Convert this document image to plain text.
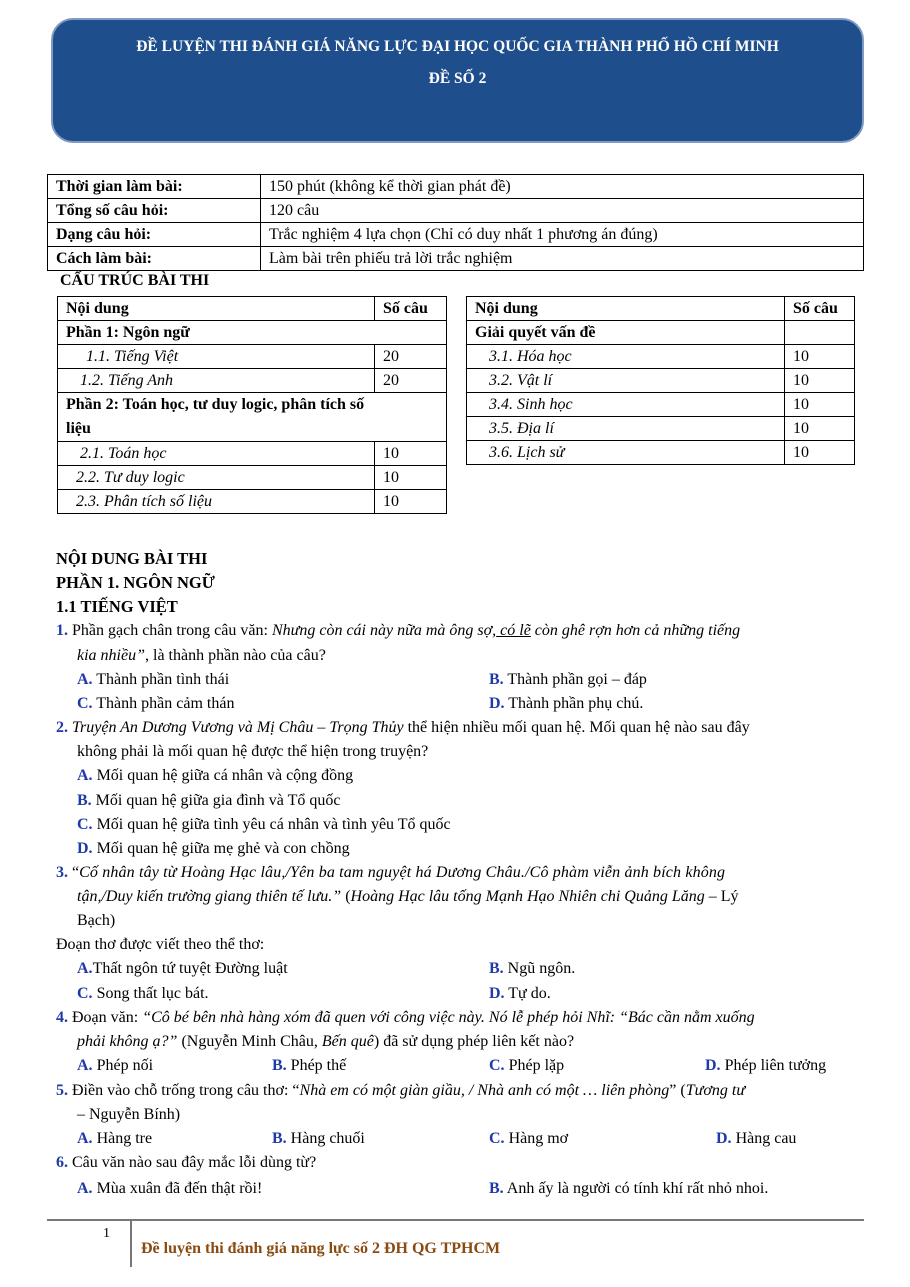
ĐỀ LUYỆN THI ĐÁNH GIÁ NĂNG LỰC ĐẠI HỌC QUỐC GIA THÀNH PHỐ HỒ CHÍ MINH
ĐỀ SỐ 2
Thời gian làm bài:	150 phút (không kể thời gian phát đề)
Tổng số câu hỏi:	120 câu
Dạng câu hỏi:	Trắc nghiệm 4 lựa chọn (Chỉ có duy nhất 1 phương án đúng)
Cách làm bài:	Làm bài trên phiếu trả lời trắc nghiệm
CẤU TRÚC BÀI THI
Nội dung	Số câu
Phần 1: Ngôn ngữ	
1.1. Tiếng Việt	20
1.2. Tiếng Anh	20
Phần 2: Toán học, tư duy logic, phân tích số
liệu	
2.1. Toán học	10
2.2. Tư duy logic	10
2.3. Phân tích số liệu	10
Nội dung	Số câu
Giải quyết vấn đề	
3.1. Hóa học	10
3.2. Vật lí	10
3.4. Sinh học	10
3.5. Địa lí	10
3.6. Lịch sử	10
NỘI DUNG BÀI THI
PHẦN 1. NGÔN NGỮ
1.1 TIẾNG VIỆT
1. Phần gạch chân trong câu văn: Nhưng còn cái này nữa mà ông sợ, có lẽ còn ghê rợn hơn cả những tiếng
kia nhiều”, là thành phần nào của câu?
A. Thành phần tình thái	B. Thành phần gọi – đáp
C. Thành phần cảm thán	D. Thành phần phụ chú.
2. Truyện An Dương Vương và Mị Châu – Trọng Thủy thể hiện nhiều mối quan hệ. Mối quan hệ nào sau đây
không phải là mối quan hệ được thể hiện trong truyện?
A. Mối quan hệ giữa cá nhân và cộng đồng
B. Mối quan hệ giữa gia đình và Tổ quốc
C. Mối quan hệ giữa tình yêu cá nhân và tình yêu Tổ quốc
D. Mối quan hệ giữa mẹ ghẻ và con chồng
3. “Cố nhân tây từ Hoàng Hạc lâu,/Yên ba tam nguyệt há Dương Châu./Cô phàm viễn ảnh bích không
tận,/Duy kiến trường giang thiên tế lưu.” (Hoàng Hạc lâu tống Mạnh Hạo Nhiên chi Quảng Lăng – Lý
Bạch)
Đoạn thơ được viết theo thể thơ:
A.Thất ngôn tứ tuyệt Đường luật	B. Ngũ ngôn.
C. Song thất lục bát.	D. Tự do.
4. Đoạn văn: “Cô bé bên nhà hàng xóm đã quen với công việc này. Nó lễ phép hỏi Nhĩ: “Bác cần nằm xuống
phải không ạ?” (Nguyễn Minh Châu, Bến quê) đã sử dụng phép liên kết nào?
A. Phép nối	B. Phép thế	C. Phép lặp	D. Phép liên tưởng
5. Điền vào chỗ trống trong câu thơ: “Nhà em có một giàn giầu, / Nhà anh có một … liên phòng” (Tương tư
– Nguyễn Bính)
A. Hàng tre	B. Hàng chuối	C. Hàng mơ	D. Hàng cau
6. Câu văn nào sau đây mắc lỗi dùng từ?
A. Mùa xuân đã đến thật rồi!	B. Anh ấy là người có tính khí rất nhỏ nhoi.
1
Đề luyện thi đánh giá năng lực số 2 ĐH QG TPHCM
